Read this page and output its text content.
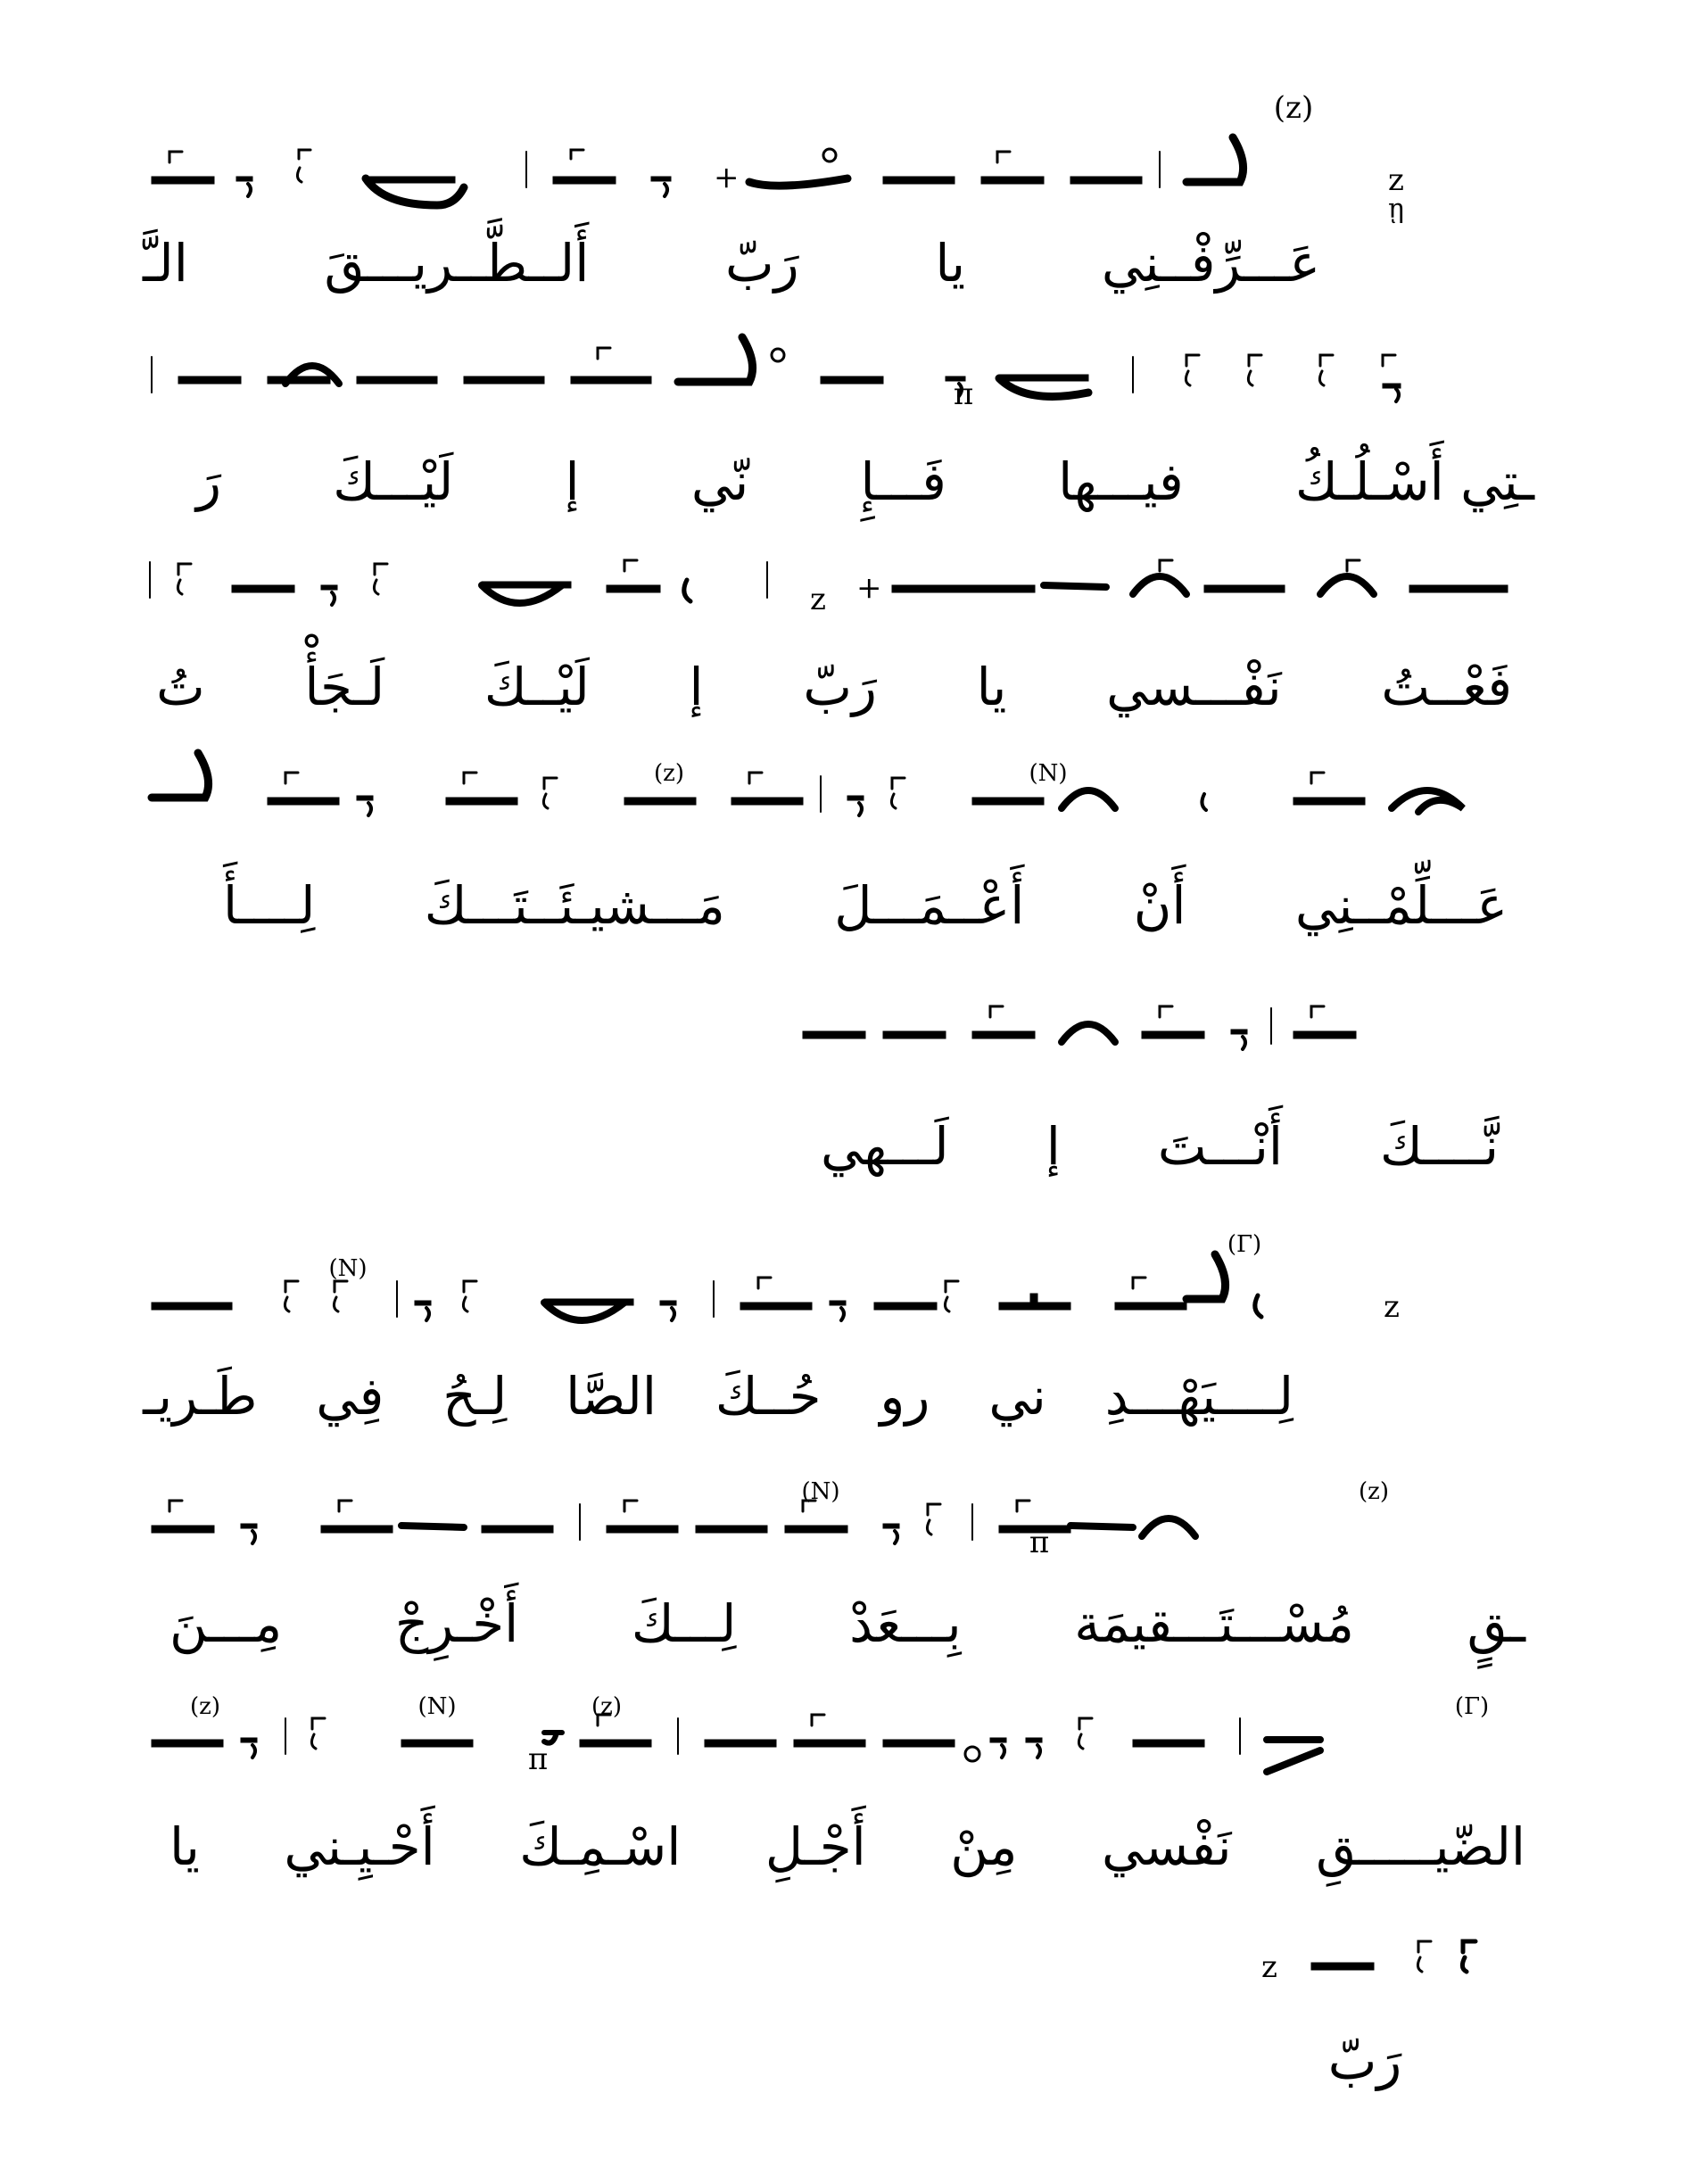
+
(z)
z
ῃ
عَـــرِّفْــنِي
يا
رَبّ
أَلــطَّــريـــقَ
الـَّ
π
ـتِي أَسْـلُـكُ
فيـــها
فَـــإِ
نّي
إ
لَيْـــكَ
رَ
+
z
فَعْــتُ
نَفْـــسي
يا
رَبّ
إ
لَيْــكَ
لَـجَأْ
تُ
(z)	(N)
عَـــلِّمْــنِي
أَنْ
أَعْــمَـــلَ
مَـــشيـئَــتَـــكَ
لِــــأَ
نَّــــكَ
أَنْـــتَ
إ
لَـــهي
(N)
(Γ)
z
لِــــيَهْـــدِ
ني
رو
حُــكَ
الصَّا
لِـحُ
فِي
طَـريـ
(N)	(z)
π
ـقٍ
مُسْـــتَـــقيمَة
بِـــعَدْ
لِـــكَ
أَخْـرِجْ
مِـــنَ
(z)	(N)	(z)	(Γ)
π
الضّيـــــقِ
نَفْسي
مِنْ
أَجْـلِ
اسْـمِـكَ
أَحْـيِـني
يا
z
رَبّ
